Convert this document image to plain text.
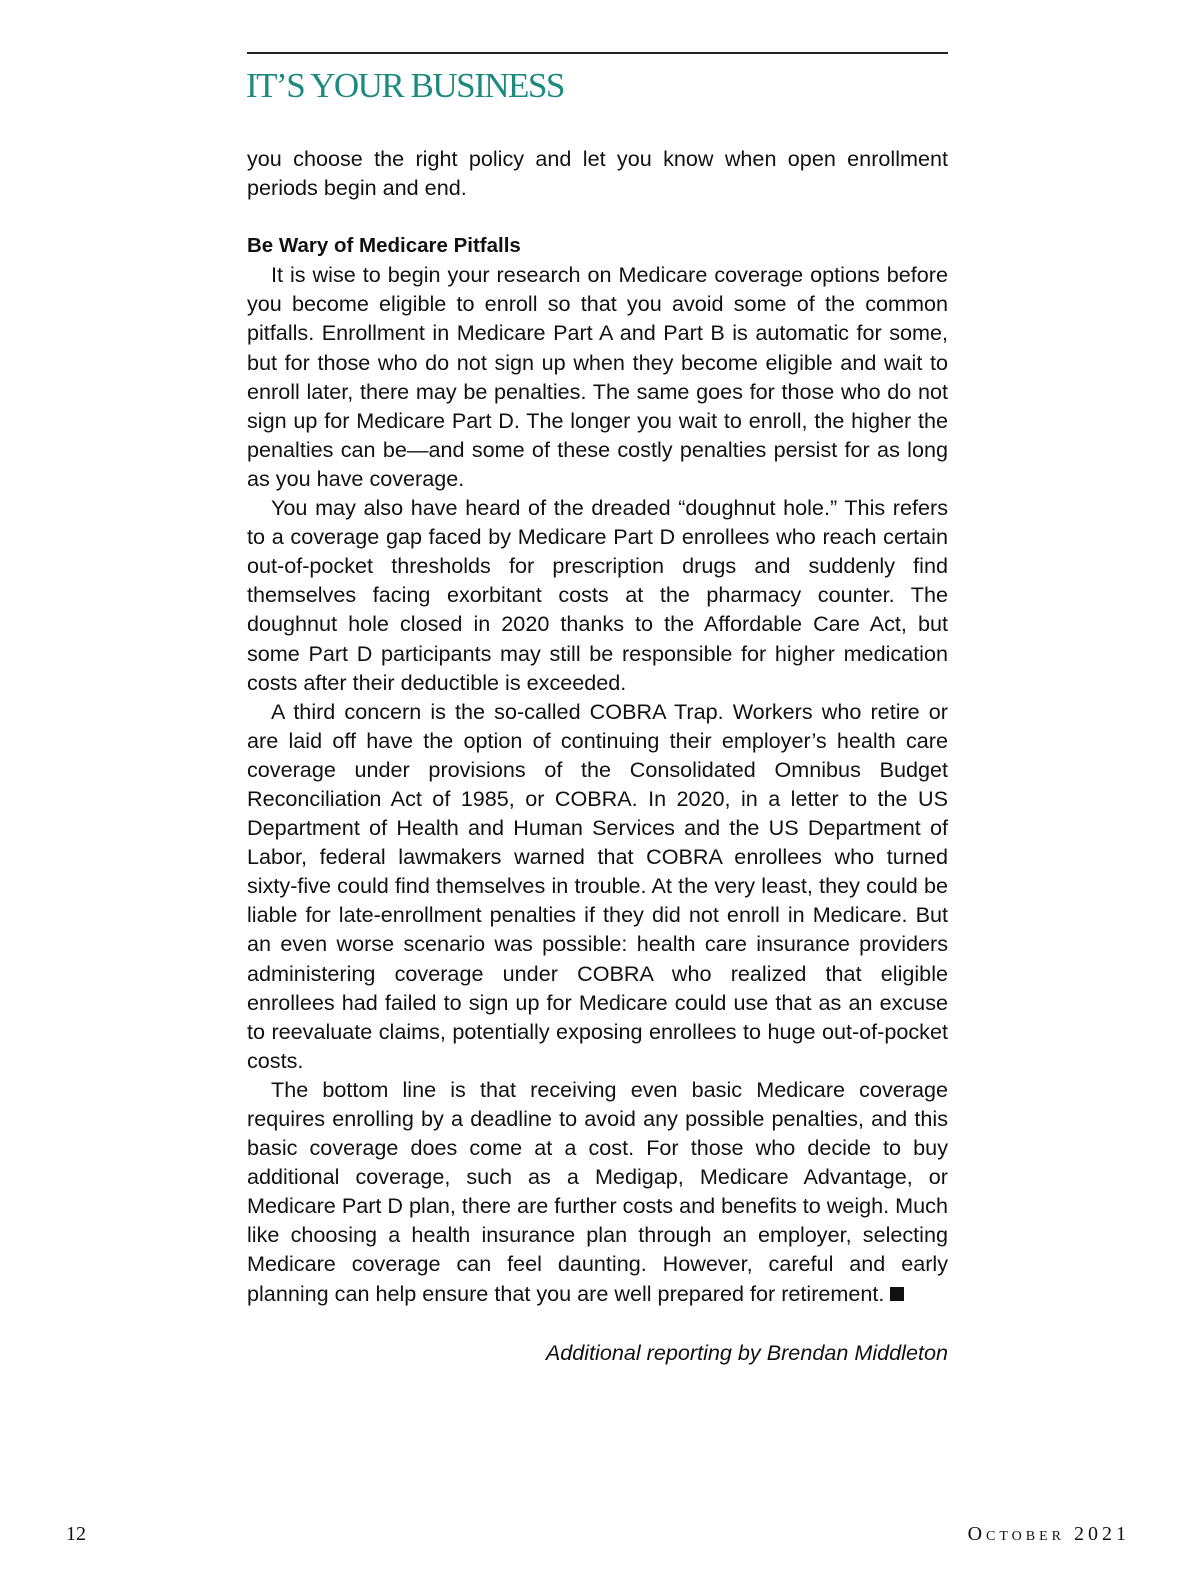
IT’S YOUR BUSINESS

you choose the right policy and let you know when open enrollment periods begin and end.

Be Wary of Medicare Pitfalls

It is wise to begin your research on Medicare coverage options before you become eligible to enroll so that you avoid some of the common pitfalls. Enrollment in Medicare Part A and Part B is automatic for some, but for those who do not sign up when they become eligible and wait to enroll later, there may be penalties. The same goes for those who do not sign up for Medicare Part D. The longer you wait to enroll, the higher the penalties can be—and some of these costly penalties persist for as long as you have coverage.

You may also have heard of the dreaded “doughnut hole.” This refers to a coverage gap faced by Medicare Part D enrollees who reach certain out-of-pocket thresholds for prescription drugs and suddenly find themselves facing exorbitant costs at the pharmacy counter. The doughnut hole closed in 2020 thanks to the Affordable Care Act, but some Part D participants may still be responsible for higher medication costs after their deductible is exceeded.

A third concern is the so-called COBRA Trap. Workers who retire or are laid off have the option of continuing their employer’s health care coverage under provisions of the Consolidated Omnibus Budget Reconciliation Act of 1985, or COBRA. In 2020, in a letter to the US Department of Health and Human Services and the US Department of Labor, federal lawmakers warned that COBRA enrollees who turned sixty-five could find themselves in trouble. At the very least, they could be liable for late-enrollment penalties if they did not enroll in Medicare. But an even worse scenario was possible: health care insurance providers administering coverage under COBRA who realized that eligible enrollees had failed to sign up for Medicare could use that as an excuse to reevaluate claims, potentially exposing enrollees to huge out-of-pocket costs.

The bottom line is that receiving even basic Medicare coverage requires enrolling by a deadline to avoid any possible penalties, and this basic coverage does come at a cost. For those who decide to buy additional coverage, such as a Medigap, Medicare Advantage, or Medicare Part D plan, there are further costs and benefits to weigh. Much like choosing a health insurance plan through an employer, selecting Medicare coverage can feel daunting. However, careful and early planning can help ensure that you are well prepared for retirement.

Additional reporting by Brendan Middleton
12	October 2021
